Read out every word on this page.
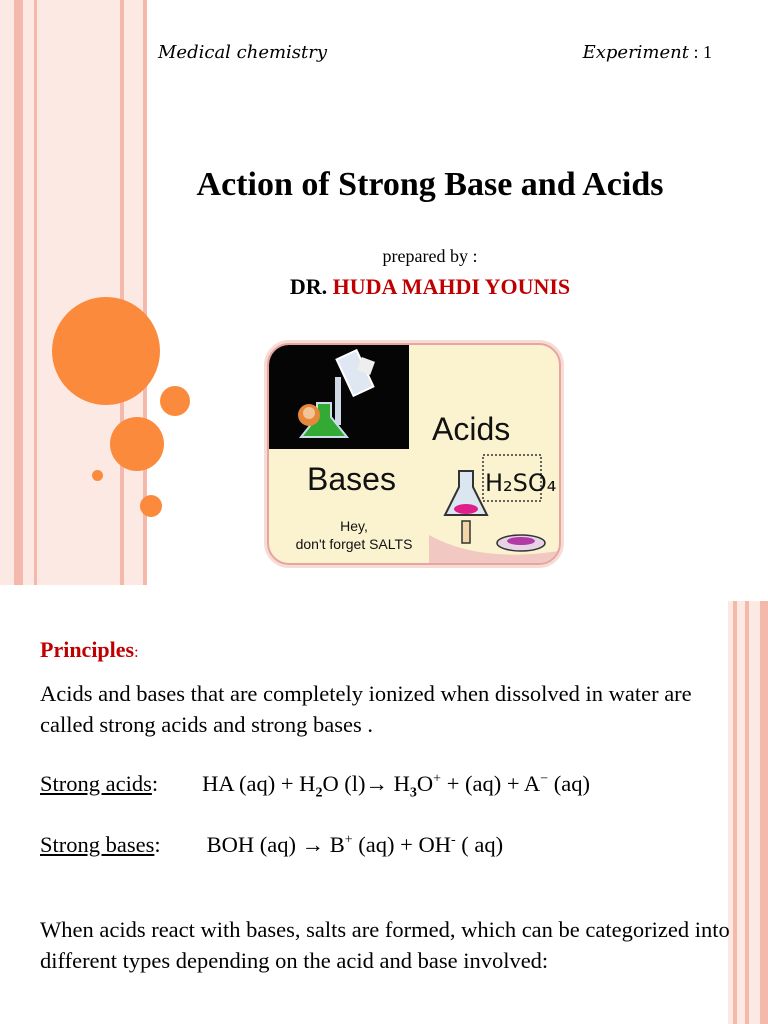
Medical chemistry	Experiment : 1
Action of Strong Base and Acids
prepared by :
DR. HUDA MAHDI YOUNIS
H₂SO₄
Acids
Bases
Hey,
don't forget SALTS
Principles:
Acids and bases that are completely ionized when dissolved in water are called strong acids and strong bases .
Strong acids: HA $(aq) + H_2O$ $(l)\to H_3O^+ + (aq) + A^-$ (aq)
Strong bases: BOH (aq) → B+ (aq) + OH- ( aq)
When acids react with bases, salts are formed, which can be categorized into different types depending on the acid and base involved:
